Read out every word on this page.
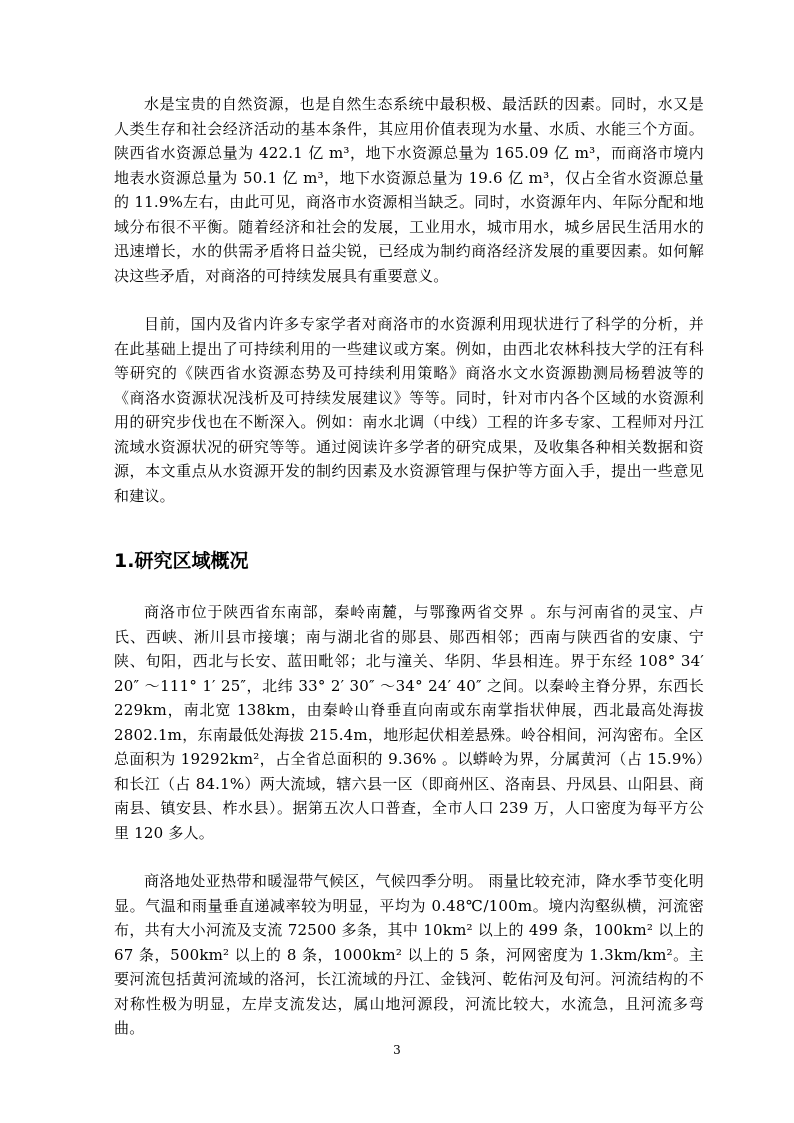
水是宝贵的自然资源，也是自然生态系统中最积极、最活跃的因素。同时，水又是人类生存和社会经济活动的基本条件，其应用价值表现为水量、水质、水能三个方面。陕西省水资源总量为 422.1 亿 m³，地下水资源总量为 165.09 亿 m³，而商洛市境内地表水资源总量为 50.1 亿 m³，地下水资源总量为 19.6 亿 m³，仅占全省水资源总量的 11.9%左右，由此可见，商洛市水资源相当缺乏。同时，水资源年内、年际分配和地域分布很不平衡。随着经济和社会的发展，工业用水，城市用水，城乡居民生活用水的迅速增长，水的供需矛盾将日益尖锐，已经成为制约商洛经济发展的重要因素。如何解决这些矛盾，对商洛的可持续发展具有重要意义。

目前，国内及省内许多专家学者对商洛市的水资源利用现状进行了科学的分析，并在此基础上提出了可持续利用的一些建议或方案。例如，由西北农林科技大学的汪有科等研究的《陕西省水资源态势及可持续利用策略》商洛水文水资源勘测局杨碧波等的《商洛水资源状况浅析及可持续发展建议》等等。同时，针对市内各个区域的水资源利用的研究步伐也在不断深入。例如：南水北调（中线）工程的许多专家、工程师对丹江流域水资源状况的研究等等。通过阅读许多学者的研究成果，及收集各种相关数据和资源，本文重点从水资源开发的制约因素及水资源管理与保护等方面入手，提出一些意见和建议。

1.研究区域概况

商洛市位于陕西省东南部，秦岭南麓，与鄂豫两省交界 。东与河南省的灵宝、卢氏、西峡、淅川县市接壤；南与湖北省的郧县、郧西相邻；西南与陕西省的安康、宁陕、旬阳，西北与长安、蓝田毗邻；北与潼关、华阴、华县相连。界于东经 108° 34′ 20″ ～111° 1′ 25″，北纬 33° 2′ 30″ ～34° 24′ 40″ 之间。以秦岭主脊分界，东西长 229km，南北宽 138km，由秦岭山脊垂直向南或东南掌指状伸展，西北最高处海拔 2802.1m，东南最低处海拔 215.4m，地形起伏相差悬殊。岭谷相间，河沟密布。全区总面积为 19292km²，占全省总面积的 9.36% 。以蟒岭为界，分属黄河（占 15.9%）和长江（占 84.1%）两大流域，辖六县一区（即商州区、洛南县、丹凤县、山阳县、商南县、镇安县、柞水县）。据第五次人口普查，全市人口 239 万，人口密度为每平方公里 120 多人。

商洛地处亚热带和暖湿带气候区，气候四季分明。 雨量比较充沛，降水季节变化明显。气温和雨量垂直递减率较为明显，平均为 0.48℃/100m。境内沟壑纵横，河流密布，共有大小河流及支流 72500 多条，其中 10km² 以上的 499 条，100km² 以上的 67 条，500km² 以上的 8 条，1000km² 以上的 5 条，河网密度为 1.3km/km²。主要河流包括黄河流域的洛河，长江流域的丹江、金钱河、乾佑河及旬河。河流结构的不对称性极为明显，左岸支流发达，属山地河源段，河流比较大，水流急，且河流多弯曲。

3
